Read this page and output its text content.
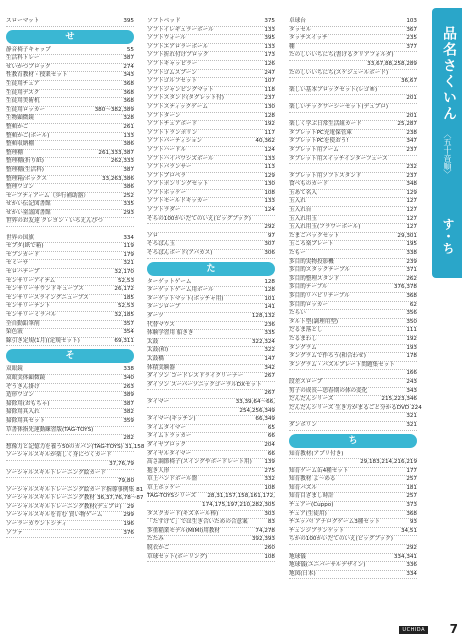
スローマット	395
せ
静音椅子キャップ	55
生活科トレー	387
せいかつブロック	274
性教育教材・授業セット	343
生徒用チェア	368
生徒用デスク	368
生徒用美術机	368
生徒用ロッカー	380～382,389
生物顕微鏡	328
整頓かご	261
整頓かご(ボール)	133
整頓収納棚	386
整理棚	261,333,387
整理棚(折り紙)	262,333
整理棚(生活科)	387
整理箱/ボックス	33,263,386
整理ワゴン	386
セーフティアーム（歩行補助器）	252
せかい伝記図書館	335
せかい童謡図書館	293
世界のお友達 クレヨン・いろえんぴつ
世界の国旗	334
セプタ(紙で箱)	119
セブンカード	179
セミーサ	321
セロハテープ	32,170
センサリーアイテム	52,53
センサリーサウンドキューブス	26,172
センサリースライングニューブス	185
センサリーテント	52,53
センサリーミラバル	32,185
全自動鉛筆削	357
染色液	354
線引き定規(1月)(定規セット)	69,311
そ
双眼鏡	338
双眼実体顕微鏡	340
ぞうきん掛け	263
造形ワゴン	389
掃除用(おもちゃ)	387
掃除用具入れ	382
掃除用具セット	359
草書体指先運動練習版(TAG-TOYS)
282
想像力と記憶力を養う50のカバン(TAG-TOYS) 31,158
ソーシャルスキルが楽しく身につくカード
37,76,79
ソーシャルスキルトレーニング絵カード
79,80
ソーシャルスキルトレーニング絵カード指導事例集 81
ソーシャルスキルトレーニング教材 36,37,76,78～87
ソーシャルスキルトレーニング教材(デュプロ) 29
ソーシャルスキルを育む 買い物ゲーム	299
ソーラーカウントシティ	196
ソファ	376
ソフトベッド	375
ソフトイレギュラーボール	133
ソフトウォール	395
ソフトエアロラーボール	133
ソフト折れ付けブロック	173
ソフトキャッピラー	126
ソフトゴムスプーン	247
ソフトゴルフセット	107
ソフトジャンピングマット	118
ソフトスタンド(タグレット付)	237
ソフトスティックゲーム	130
ソフトターン	128
ソフトチェアボード	192
ソフトトランポリン	117
ソフトパーティション	40,362
ソフトハードル	124
ソフトハイパワシズボール	133
ソフトバランサー	113
ソフトプロペラ	129
ソフトポンリングセット	130
ソフトホッケー	108
ソフトモールドキッカー	133
ソフトラダー	124
そらの100かいだてのいえ(ビッグブック)
292
ソロ	97
そろばん玉	307
そろばんボード(アバカス)	306
た
ターゲットゲーム	128
ターゲットゲーム用ボール	128
ターゲットマット(ボッチャ用)	101
ターンローブ	141
ダーツ	128,132
代替マウス	236
体験学習用 船きき	335
太鼓	322,324
太鼓(和)	322
太鼓橋	147
体積実験器	342
ダイソン コードレスドライクリーナー	267
ダイソン スーパーソニックゴーラルDXセット
267
タイマー	33,39,64～66,
254,256,349
タイマー(キッチン)	66,349
タイムタイマー	65
タイムトラッカー	66
ダイヤブロック	204
ダイヤルタイマー	66
高さ調節椅子(スイングやボードレート用)	139
抱き人形	275
卓上ハンドボール盤	332
卓上ホッケー	108
TAG-TOYSシリーズ	28,31,157,158,161,172,
174,175,197,210,282,305
タスクカード(キズネール棒)	303
「たすけて」では生き合いための合意案	83
多重稲業モデル(MIMI)用教材	74,278
たたみ	392,393
脱衣かご	260
卓球セット(ボーリング)	108
卓球台	103
タッセル	367
タッチスイッチ	235
棚	377
たのしいいちにち(書けるクリアフォルダ)
33,67,88,258,289
たのしいいちにち(スケジュールボード)
36,67
楽しい基本ブロックセット(レゴ®)
201
楽しいテックワーシーセット(デュプロ)
201
楽しく学ぶ日常生活組カード	25,287
タブレットPC充電保管庫	238
タブレットPCを使おう!	347
タブレット用アーム	237
タブレット用スイッチインターフェース
232
タブレット用ソフトスタンド	237
食べものカード	348
玉あて名入	129
玉入れ	127
玉入れ台	127
玉入れ用玉	127
玉入れ用玉(フラワーボール)	127
たまごパックセット	29,301
玉ころ楽プレート	195
たもー	338
多目的実物投影機	239
多目的スタックテーブル	371
多目的整理スタンド	262
多目的テーブル	376,378
多目的リハビリテーブル	368
多目的ロッカー	62
たらい	356
タルト型(調理用型)	350
だるま落とし	111
たるまわし	192
タングラム	193
タングラムで作ろう(和合わせ)	178
タングラム・パズルプレート問題集セット
166
段差スロープ	243
男子の成長—思春期の体の変化	343
だんだんシリーズ	215,223,346
だんだんシリーズ 生き方がまるごと分かるDVD 224
321
ダンボリン	321
ち
知育教材(アプリ付き)
29,183,214,216,219
知育ゲーム缶4種セット	177
知育教材 よ～める	257
知育パズル	181
知育目ざまし時計	257
チェアー(Cuppo)	373
チェア(生徒用)	368
チエッパ! アナログゲーム3種セット	93
チェンジブランケット	34,51
ちかの100かいだてのいえ(ビッグブック)
292
地球儀	334,341
地球儀(ユニバーサルデザイン)	336
地図(日本)	334
品名さくいん
〈五十音順〉
す・ち
UCHIDA 7
